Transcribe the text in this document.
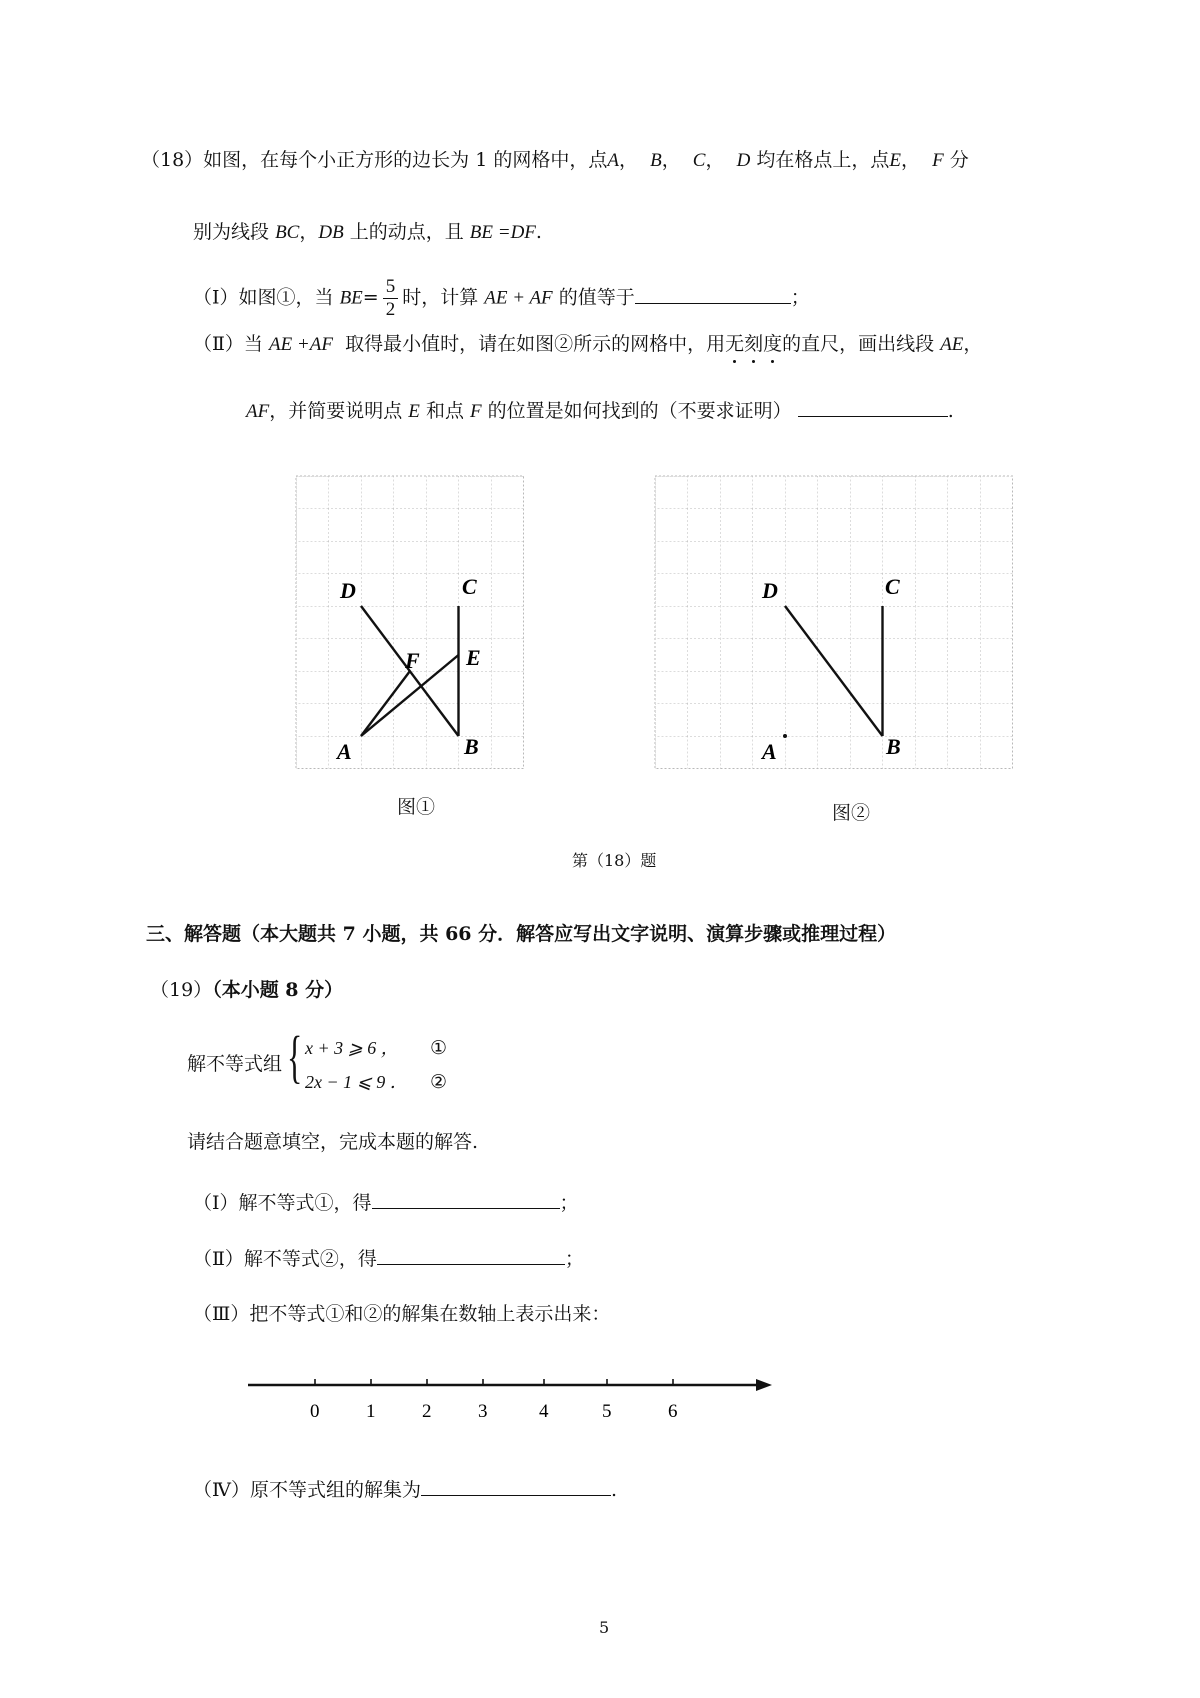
（18）如图，在每个小正方形的边长为 1 的网格中，点A， B， C， D 均在格点上，点E， F 分
别为线段 BC，DB 上的动点，且 BE =DF.
（Ⅰ）如图①，当 $BE= \frac{5}{2}$ 时，计算 AE + AF 的值等于	；
（Ⅱ）当 AE +AF 取得最小值时，请在如图②所示的网格中，用无刻度的直尺，画出线段 AE，
AF，并简要说明点 E 和点 F 的位置是如何找到的（不要求证明）	.
D	C
F E
A	B
D	C
A	B
图①	图②
第（18）题
三、解答题（本大题共 7 小题，共 66 分．解答应写出文字说明、演算步骤或推理过程）
（19）（本小题 8 分）
解不等式组 { x + 3 ⩾ 6 ， ①
2x − 1 ⩽ 9 ． ②
请结合题意填空，完成本题的解答.
（Ⅰ）解不等式①，得	；
（Ⅱ）解不等式②，得	；
（Ⅲ）把不等式①和②的解集在数轴上表示出来：
0 1 2 3	4	5	6
（Ⅳ）原不等式组的解集为	.
5
